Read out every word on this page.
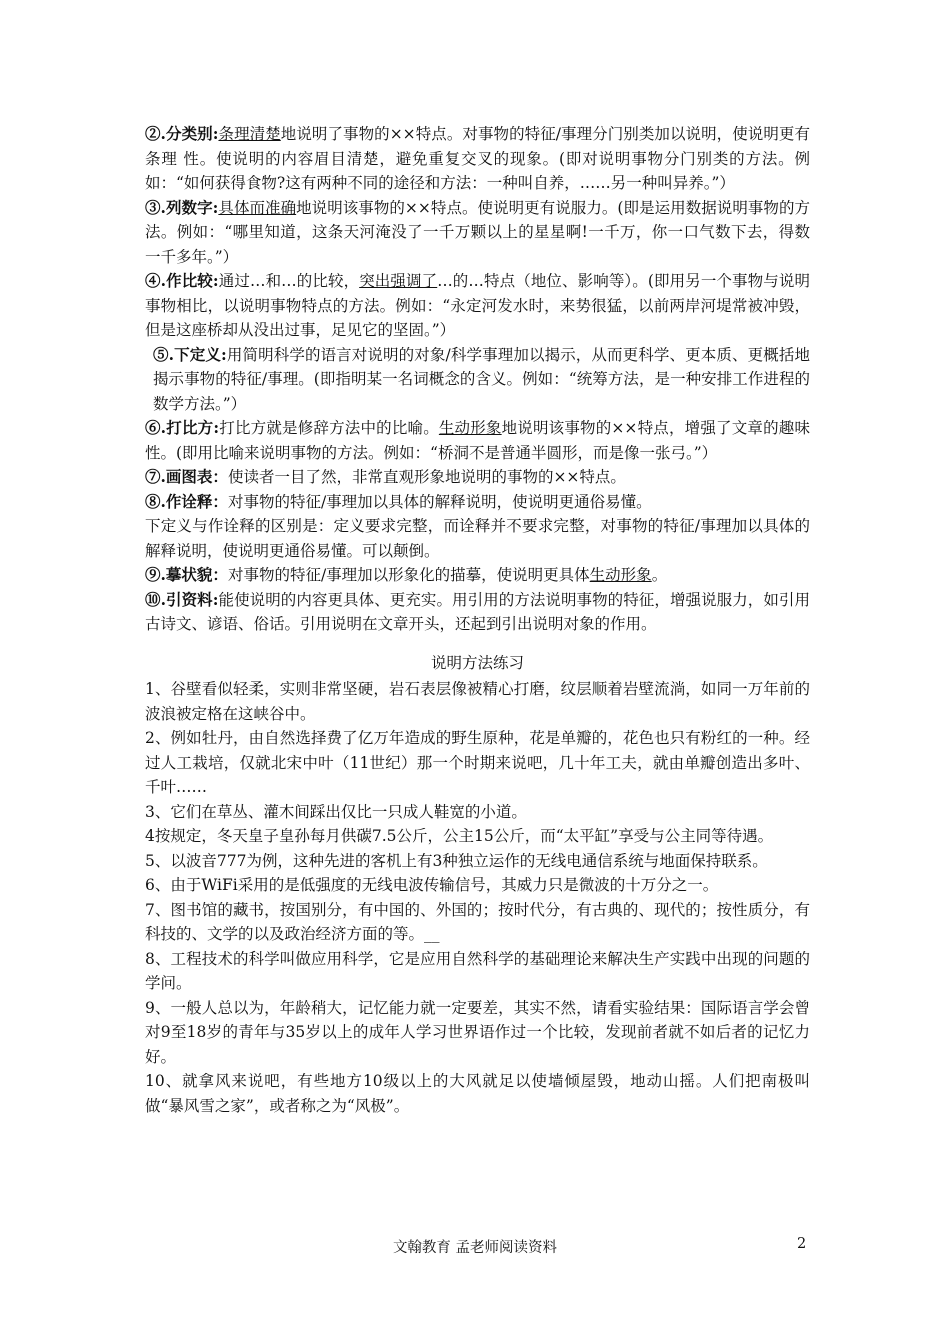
②.分类别:条理清楚地说明了事物的××特点。对事物的特征/事理分门别类加以说明，使说明更有条理 性。使说明的内容眉目清楚，避免重复交叉的现象。(即对说明事物分门别类的方法。例如：“如何获得食物?这有两种不同的途径和方法：一种叫自养，……另一种叫异养。”）

③.列数字:具体而准确地说明该事物的××特点。使说明更有说服力。(即是运用数据说明事物的方法。例如：“哪里知道，这条天河淹没了一千万颗以上的星星啊!一千万，你一口气数下去，得数一千多年。”）

④.作比较:通过…和…的比较，突出强调了…的…特点（地位、影响等）。(即用另一个事物与说明事物相比，以说明事物特点的方法。例如：“永定河发水时，来势很猛，以前两岸河堤常被冲毁，但是这座桥却从没出过事，足见它的坚固。”）

⑤.下定义:用简明科学的语言对说明的对象/科学事理加以揭示，从而更科学、更本质、更概括地揭示事物的特征/事理。(即指明某一名词概念的含义。例如：“统筹方法，是一种安排工作进程的数学方法。”）

⑥.打比方:打比方就是修辞方法中的比喻。生动形象地说明该事物的××特点，增强了文章的趣味性。(即用比喻来说明事物的方法。例如：“桥洞不是普通半圆形，而是像一张弓。”）

⑦.画图表：使读者一目了然，非常直观形象地说明的事物的××特点。

⑧.作诠释：对事物的特征/事理加以具体的解释说明，使说明更通俗易懂。

下定义与作诠释的区别是：定义要求完整，而诠释并不要求完整，对事物的特征/事理加以具体的解释说明，使说明更通俗易懂。可以颠倒。

⑨.摹状貌：对事物的特征/事理加以形象化的描摹，使说明更具体生动形象。

⑩.引资料:能使说明的内容更具体、更充实。用引用的方法说明事物的特征，增强说服力，如引用古诗文、谚语、俗话。引用说明在文章开头，还起到引出说明对象的作用。

说明方法练习

1、谷壁看似轻柔，实则非常坚硬，岩石表层像被精心打磨，纹层顺着岩壁流淌，如同一万年前的波浪被定格在这峡谷中。

2、例如牡丹，由自然选择费了亿万年造成的野生原种，花是单瓣的，花色也只有粉红的一种。经过人工栽培，仅就北宋中叶（11世纪）那一个时期来说吧，几十年工夫，就由单瓣创造出多叶、千叶……

3、它们在草丛、灌木间踩出仅比一只成人鞋宽的小道。

4按规定，冬天皇子皇孙每月供碳7.5公斤，公主15公斤，而“太平缸”享受与公主同等待遇。

5、以波音777为例，这种先进的客机上有3种独立运作的无线电通信系统与地面保持联系。

6、由于WiFi采用的是低强度的无线电波传输信号，其威力只是微波的十万分之一。

7、图书馆的藏书，按国别分，有中国的、外国的；按时代分，有古典的、现代的；按性质分，有科技的、文学的以及政治经济方面的等。__

8、工程技术的科学叫做应用科学，它是应用自然科学的基础理论来解决生产实践中出现的问题的学问。

9、一般人总以为，年龄稍大，记忆能力就一定要差，其实不然，请看实验结果：国际语言学会曾对9至18岁的青年与35岁以上的成年人学习世界语作过一个比较，发现前者就不如后者的记忆力好。

10、就拿风来说吧，有些地方10级以上的大风就足以使墙倾屋毁，地动山摇。人们把南极叫做“暴风雪之家”，或者称之为“风极”。

文翰教育 孟老师阅读资料	2
